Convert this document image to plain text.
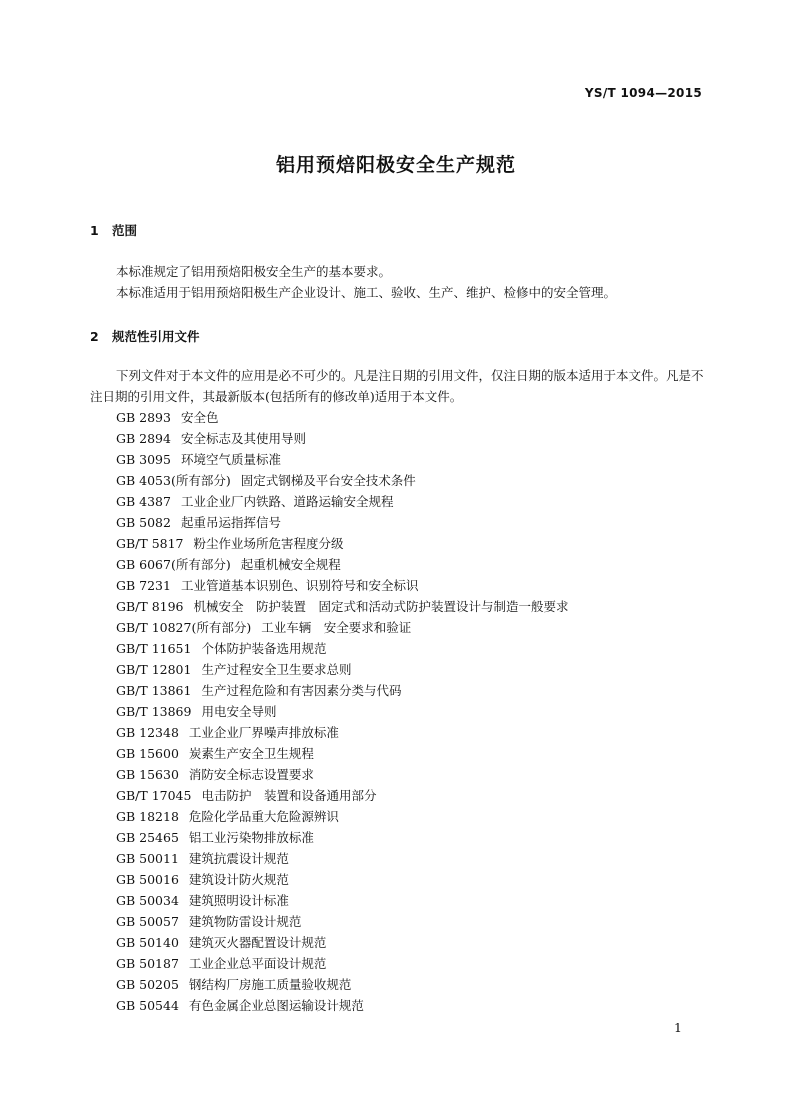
YS/T 1094—2015
铝用预焙阳极安全生产规范
1 范围
本标准规定了铝用预焙阳极安全生产的基本要求。
本标准适用于铝用预焙阳极生产企业设计、施工、验收、生产、维护、检修中的安全管理。
2 规范性引用文件
下列文件对于本文件的应用是必不可少的。凡是注日期的引用文件，仅注日期的版本适用于本文件。凡是不注日期的引用文件，其最新版本(包括所有的修改单)适用于本文件。
GB 2893 安全色
GB 2894 安全标志及其使用导则
GB 3095 环境空气质量标准
GB 4053(所有部分) 固定式钢梯及平台安全技术条件
GB 4387 工业企业厂内铁路、道路运输安全规程
GB 5082 起重吊运指挥信号
GB/T 5817 粉尘作业场所危害程度分级
GB 6067(所有部分) 起重机械安全规程
GB 7231 工业管道基本识别色、识别符号和安全标识
GB/T 8196 机械安全　防护装置　固定式和活动式防护装置设计与制造一般要求
GB/T 10827(所有部分) 工业车辆　安全要求和验证
GB/T 11651 个体防护装备选用规范
GB/T 12801 生产过程安全卫生要求总则
GB/T 13861 生产过程危险和有害因素分类与代码
GB/T 13869 用电安全导则
GB 12348 工业企业厂界噪声排放标准
GB 15600 炭素生产安全卫生规程
GB 15630 消防安全标志设置要求
GB/T 17045 电击防护　装置和设备通用部分
GB 18218 危险化学品重大危险源辨识
GB 25465 铝工业污染物排放标准
GB 50011 建筑抗震设计规范
GB 50016 建筑设计防火规范
GB 50034 建筑照明设计标准
GB 50057 建筑物防雷设计规范
GB 50140 建筑灭火器配置设计规范
GB 50187 工业企业总平面设计规范
GB 50205 钢结构厂房施工质量验收规范
GB 50544 有色金属企业总图运输设计规范
1
